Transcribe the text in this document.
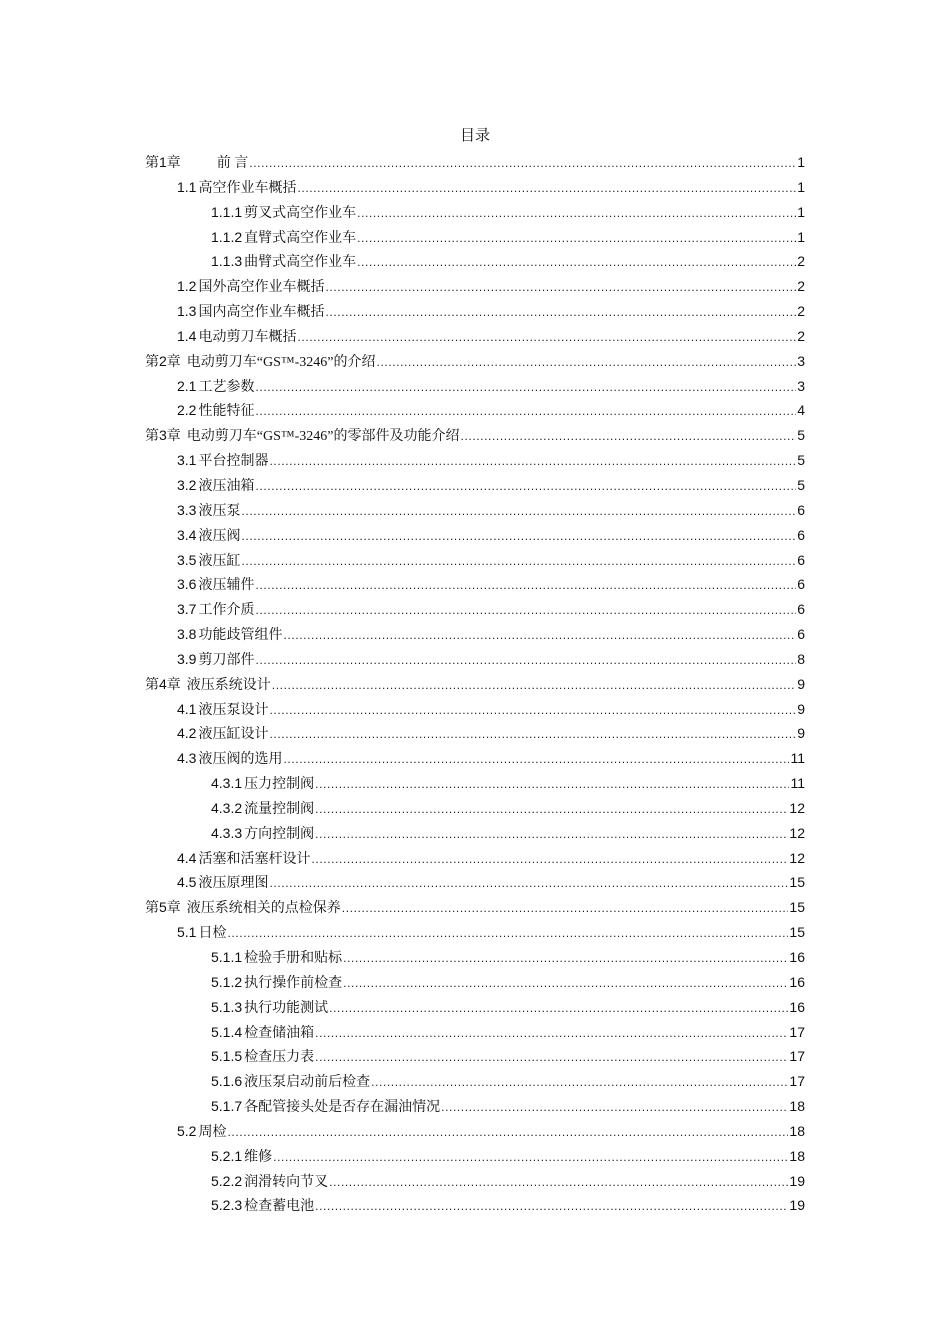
目录
第1章	前 言 .....	1
1.1 高空作业车概括 .....	1
1.1.1 剪叉式高空作业车 .....	1
1.1.2 直臂式高空作业车 .....	1
1.1.3 曲臂式高空作业车 .....	2
1.2 国外高空作业车概括 .....	2
1.3 国内高空作业车概括 .....	2
1.4 电动剪刀车概括 .....	2
第2章 电动剪刀车“GS™-3246”的介绍 .....	3
2.1 工艺参数 .....	3
2.2 性能特征 .....	4
第3章 电动剪刀车“GS™-3246”的零部件及功能介绍 .....	5
3.1 平台控制器 .....	5
3.2 液压油箱 .....	5
3.3 液压泵 .....	6
3.4 液压阀 .....	6
3.5 液压缸 .....	6
3.6 液压辅件 .....	6
3.7 工作介质 .....	6
3.8 功能歧管组件 .....	6
3.9 剪刀部件 .....	8
第4章 液压系统设计 .....	9
4.1 液压泵设计 .....	9
4.2 液压缸设计 .....	9
4.3 液压阀的选用 .....	11
4.3.1 压力控制阀 .....	11
4.3.2 流量控制阀 .....	12
4.3.3 方向控制阀 .....	12
4.4 活塞和活塞杆设计 .....	12
4.5 液压原理图 .....	15
第5章 液压系统相关的点检保养 .....	15
5.1 日检 .....	15
5.1.1 检验手册和贴标 .....	16
5.1.2 执行操作前检查 .....	16
5.1.3 执行功能测试 .....	16
5.1.4 检查储油箱 .....	17
5.1.5 检查压力表 .....	17
5.1.6 液压泵启动前后检查 .....	17
5.1.7 各配管接头处是否存在漏油情况 .....	18
5.2 周检 .....	18
5.2.1 维修 .....	18
5.2.2 润滑转向节叉 .....	19
5.2.3 检查蓄电池 .....	19
